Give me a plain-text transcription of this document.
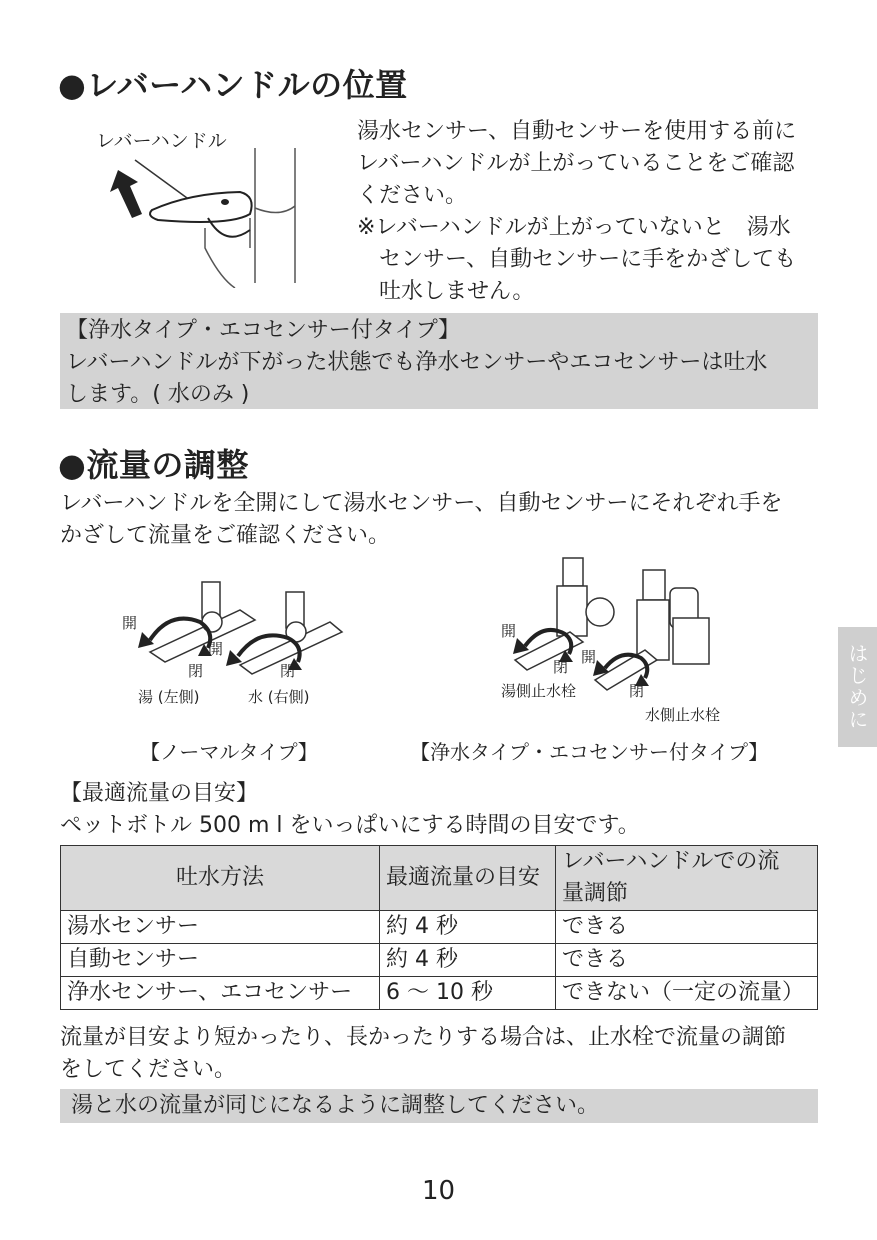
●レバーハンドルの位置
レバーハンドル	湯水センサー、自動センサーを使用する前に
レバーハンドルが上がっていることをご確認
ください。
※レバーハンドルが上がっていないと　湯水
センサー、自動センサーに手をかざしても
吐水しません。
【浄水タイプ・エコセンサー付タイプ】
レバーハンドルが下がった状態でも浄水センサーやエコセンサーは吐水
します。( 水のみ )
●流量の調整
レバーハンドルを全開にして湯水センサー、自動センサーにそれぞれ手を
かざして流量をご確認ください。
開
閉
開
閉
湯 (左側)	水 (右側)
開
閉
開
閉
湯側止水栓
水側止水栓
【ノーマルタイプ】	【浄水タイプ・エコセンサー付タイプ】
【最適流量の目安】
ペットボトル 500 m l をいっぱいにする時間の目安です。
吐水方法	最適流量の目安	レバーハンドルでの流
量調節

湯水センサー	約 4 秒	できる
自動センサー	約 4 秒	できる
浄水センサー、エコセンサー	6 ～ 10 秒	できない（一定の流量）
流量が目安より短かったり、長かったりする場合は、止水栓で流量の調節
をしてください。
湯と水の流量が同じになるように調整してください。
はじめに
10
